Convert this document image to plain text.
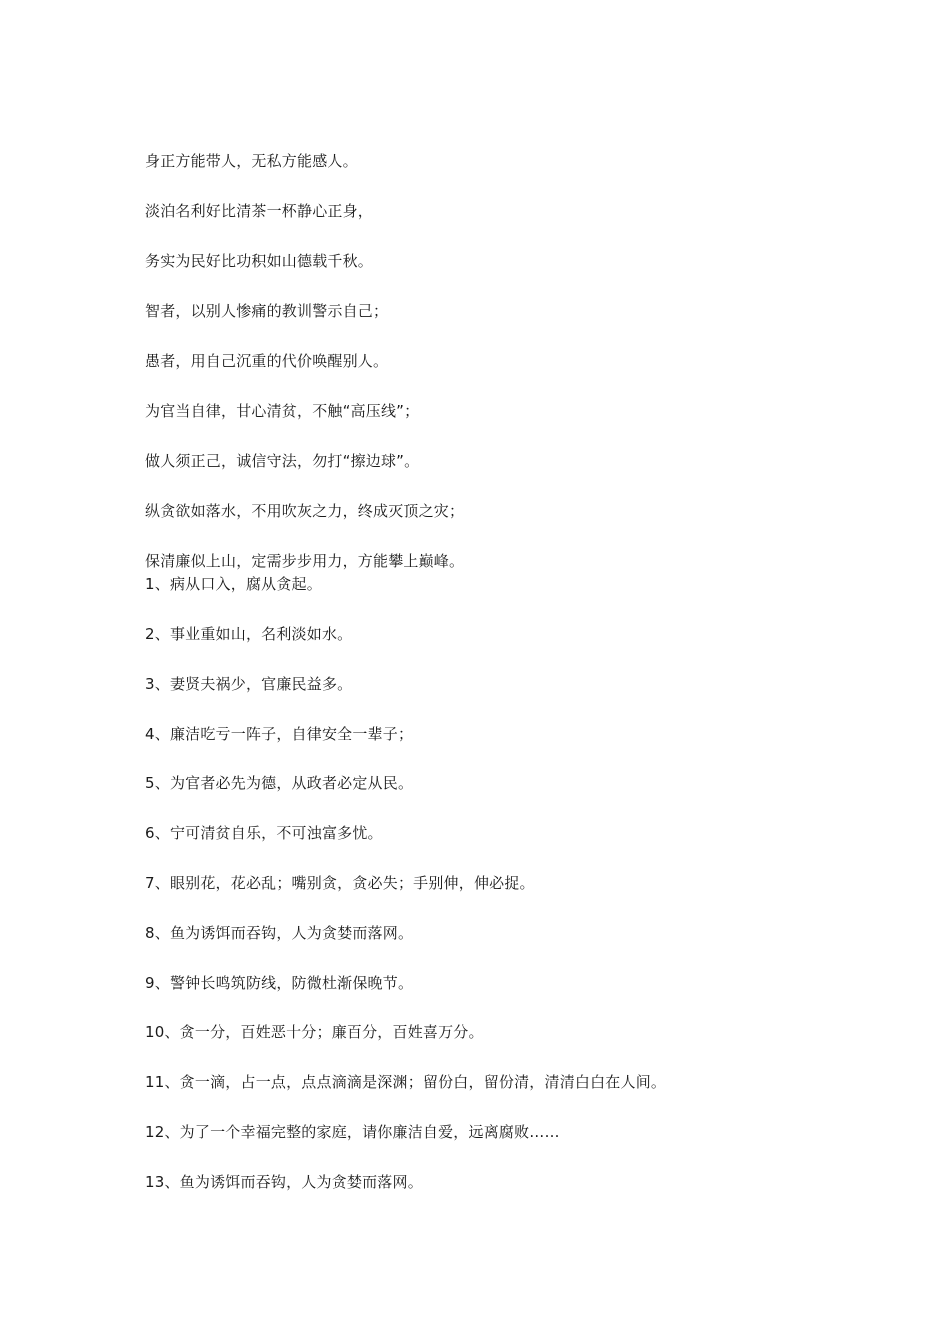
身正方能带人，无私方能感人。
淡泊名利好比清茶一杯静心正身，
务实为民好比功积如山德载千秋。
智者，以别人惨痛的教训警示自己；
愚者，用自己沉重的代价唤醒别人。
为官当自律，甘心清贫，不触“高压线”；
做人须正己，诚信守法，勿打“擦边球”。
纵贪欲如落水，不用吹灰之力，终成灭顶之灾；
保清廉似上山，定需步步用力，方能攀上巅峰。
1、病从口入，腐从贪起。
2、事业重如山，名利淡如水。
3、妻贤夫祸少，官廉民益多。
4、廉洁吃亏一阵子，自律安全一辈子；
5、为官者必先为德，从政者必定从民。
6、宁可清贫自乐，不可浊富多忧。
7、眼别花，花必乱；嘴别贪，贪必失；手别伸，伸必捉。
8、鱼为诱饵而吞钩，人为贪婪而落网。
9、警钟长鸣筑防线，防微杜渐保晚节。
10、贪一分，百姓恶十分；廉百分，百姓喜万分。
11、贪一滴，占一点，点点滴滴是深渊；留份白，留份清，清清白白在人间。
12、为了一个幸福完整的家庭，请你廉洁自爱，远离腐败……
13、鱼为诱饵而吞钩，人为贪婪而落网。
